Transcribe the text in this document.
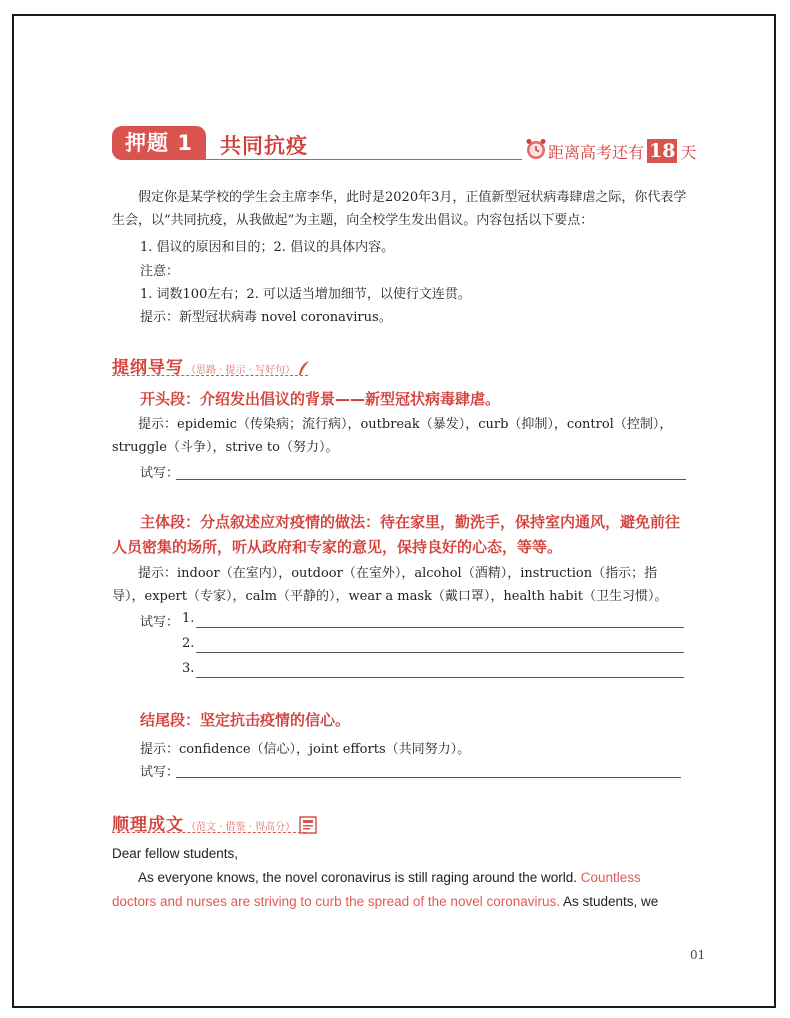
押题 1	共同抗疫	距离高考还有 18 天
假定你是某学校的学生会主席李华，此时是2020年3月，正值新型冠状病毒肆虐之际，你代表学生会，以“共同抗疫，从我做起”为主题，向全校学生发出倡议。内容包括以下要点：
1. 倡议的原因和目的；2. 倡议的具体内容。
注意：
1. 词数100左右；2. 可以适当增加细节，以使行文连贯。
提示：新型冠状病毒 novel coronavirus。
提纲导写 （思路 · 提示 · 写好句）
开头段：介绍发出倡议的背景——新型冠状病毒肆虐。
提示：epidemic（传染病；流行病），outbreak（暴发），curb（抑制），control（控制），struggle（斗争），strive to（努力）。
试写：
主体段：分点叙述应对疫情的做法：待在家里，勤洗手，保持室内通风，避免前往人员密集的场所，听从政府和专家的意见，保持良好的心态，等等。
提示：indoor（在室内），outdoor（在室外），alcohol（酒精），instruction（指示；指导），expert（专家），calm（平静的），wear a mask（戴口罩），health habit（卫生习惯）。
试写： 1.
2.
3.
结尾段：坚定抗击疫情的信心。
提示：confidence（信心），joint efforts（共同努力）。
试写：
顺理成文 （范文 · 借鉴 · 得高分）
Dear fellow students,
As everyone knows, the novel coronavirus is still raging around the world. Countless doctors and nurses are striving to curb the spread of the novel coronavirus. As students, we
01
